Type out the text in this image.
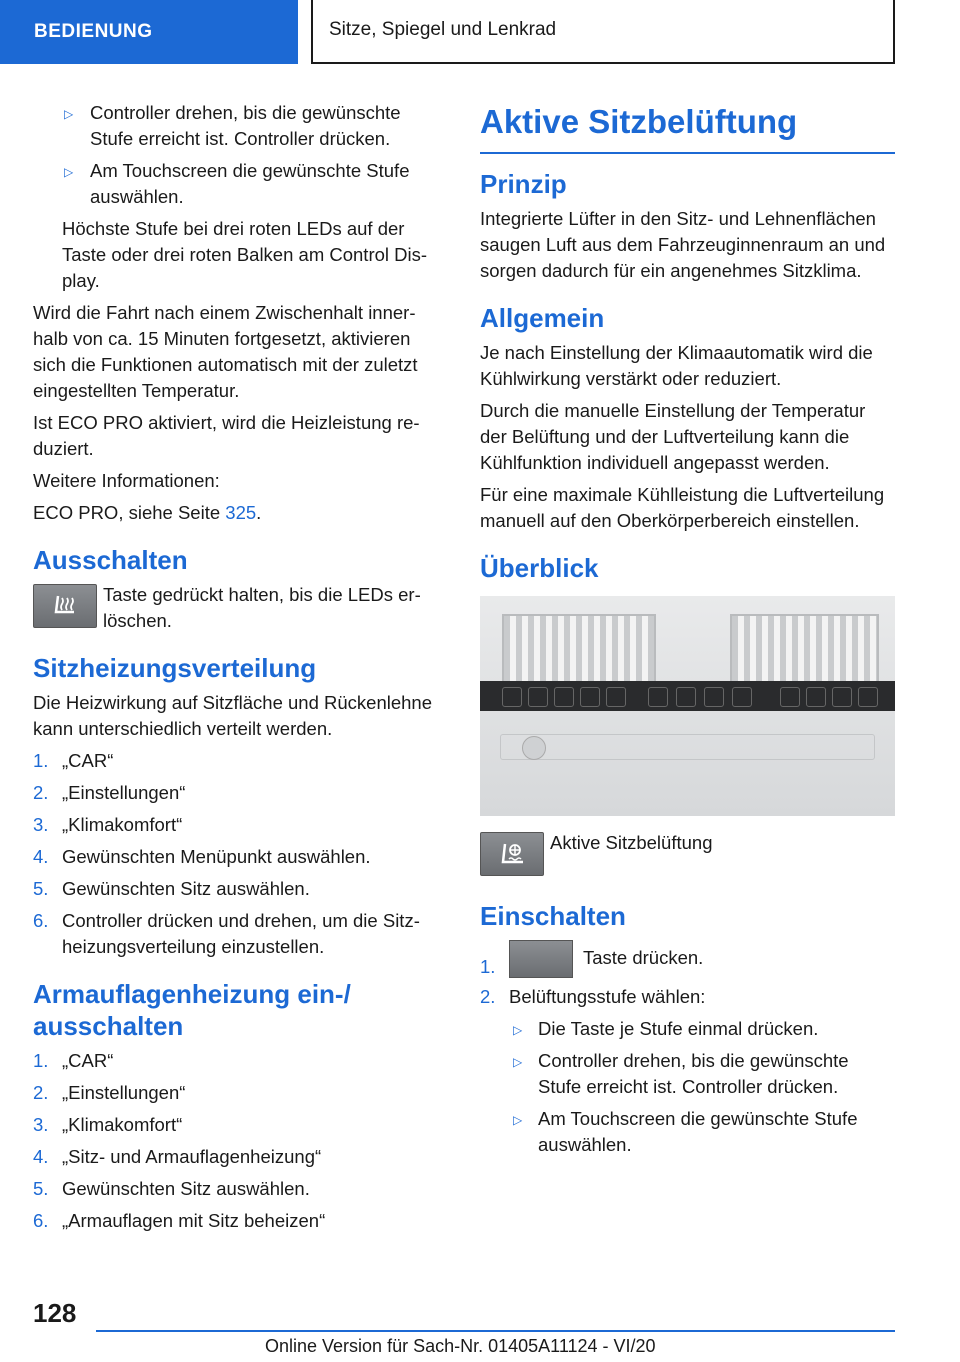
BEDIENUNG	Sitze, Spiegel und Lenkrad
▷ Controller drehen, bis die gewünschte Stufe erreicht ist. Controller drücken.
▷ Am Touchscreen die gewünschte Stufe auswählen.

Höchste Stufe bei drei roten LEDs auf der Taste oder drei roten Balken am Control Display.

Wird die Fahrt nach einem Zwischenhalt innerhalb von ca. 15 Minuten fortgesetzt, aktivieren sich die Funktionen automatisch mit der zuletzt eingestellten Temperatur.

Ist ECO PRO aktiviert, wird die Heizleistung reduziert.

Weitere Informationen:

ECO PRO, siehe Seite 325.

Ausschalten
Taste gedrückt halten, bis die LEDs erlöschen.
Sitzheizungsverteilung

Die Heizwirkung auf Sitzfläche und Rückenlehne kann unterschiedlich verteilt werden.

1. „CAR“
2. „Einstellungen“
3. „Klimakomfort“
4. Gewünschten Menüpunkt auswählen.
5. Gewünschten Sitz auswählen.
6. Controller drücken und drehen, um die Sitzheizungsverteilung einzustellen.
Armauflagenheizung ein-/ ausschalten
1. „CAR“
2. „Einstellungen“
3. „Klimakomfort“
4. „Sitz- und Armauflagenheizung“
5. Gewünschten Sitz auswählen.
6. „Armauflagen mit Sitz beheizen“
Aktive Sitzbelüftung
Prinzip

Integrierte Lüfter in den Sitz- und Lehnenflächen saugen Luft aus dem Fahrzeuginnenraum an und sorgen dadurch für ein angenehmes Sitzklima.

Allgemein

Je nach Einstellung der Klimaautomatik wird die Kühlwirkung verstärkt oder reduziert.

Durch die manuelle Einstellung der Temperatur der Belüftung und der Luftverteilung kann die Kühlfunktion individuell angepasst werden.

Für eine maximale Kühlleistung die Luftverteilung manuell auf den Oberkörperbereich einstellen.

Überblick
Aktive Sitzbelüftung
Einschalten
1.	Taste drücken.
2. Belüftungsstufe wählen:
▷ Die Taste je Stufe einmal drücken.
▷ Controller drehen, bis die gewünschte Stufe erreicht ist. Controller drücken.
▷ Am Touchscreen die gewünschte Stufe auswählen.
128
Online Version für Sach-Nr. 01405A11124 - VI/20
